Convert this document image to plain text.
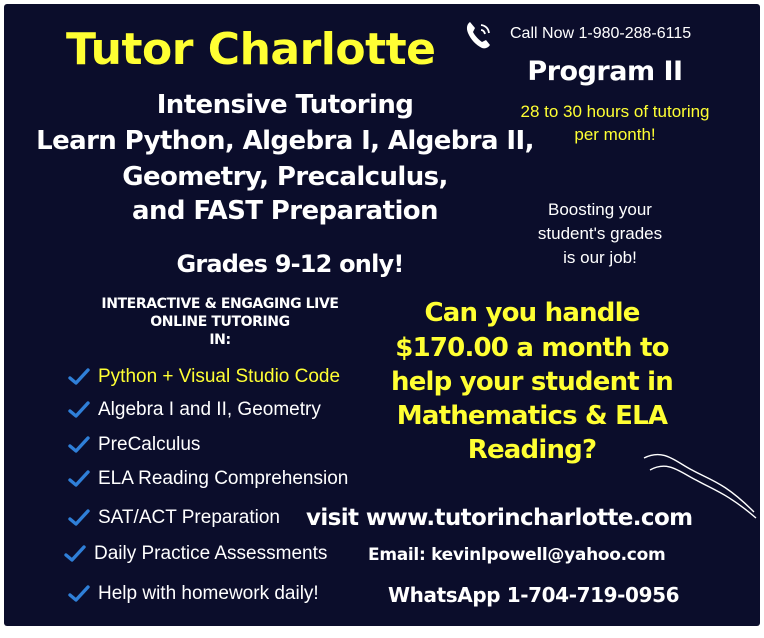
Tutor Charlotte
Intensive Tutoring
Learn Python, Algebra I, Algebra II,
Geometry, Precalculus,
and FAST Preparation
Grades 9-12 only!
INTERACTIVE & ENGAGING LIVE
ONLINE TUTORING
IN:
Python + Visual Studio Code
Algebra I and II, Geometry
PreCalculus
ELA Reading Comprehension
SAT/ACT Preparation
Daily Practice Assessments
Help with homework daily!
Call Now 1-980-288-6115
Program II
28 to 30 hours of tutoring
per month!
Boosting your
student's grades
is our job!
Can you handle
$170.00 a month to
help your student in
Mathematics & ELA
Reading?
visit www.tutorincharlotte.com
Email: kevinlpowell@yahoo.com
WhatsApp 1-704-719-0956
